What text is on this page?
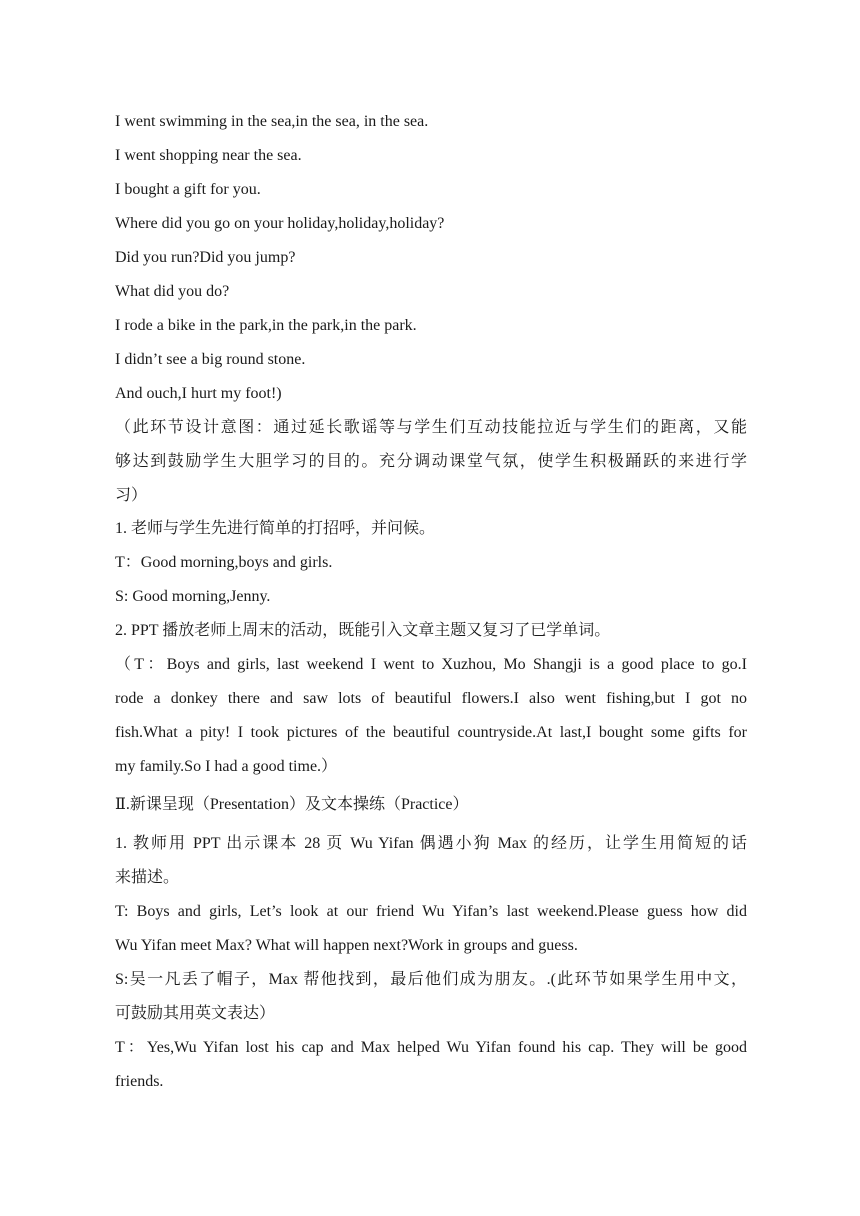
I went swimming in the sea,in the sea, in the sea.
I went shopping near the sea.
I bought a gift for you.
Where did you go on your holiday,holiday,holiday?
Did you run?Did you jump?
What did you do?
I rode a bike in the park,in the park,in the park.
I didn’t see a big round stone.
And ouch,I hurt my foot!)
（此环节设计意图：通过延长歌谣等与学生们互动技能拉近与学生们的距离，又能
够达到鼓励学生大胆学习的目的。充分调动课堂气氛，使学生积极踊跃的来进行学
习）
1. 老师与学生先进行简单的打招呼，并问候。
T：Good morning,boys and girls.
S: Good morning,Jenny.
2. PPT 播放老师上周末的活动，既能引入文章主题又复习了已学单词。
（T：Boys and girls, last weekend I went to Xuzhou, Mo Shangji is a good place to go.I
rode a donkey there and saw lots of beautiful flowers.I also went fishing,but I got no
fish.What a pity! I took pictures of the beautiful countryside.At last,I bought some gifts for
my family.So I had a good time.）
Ⅱ.新课呈现（Presentation）及文本操练（Practice）
1. 教师用 PPT 出示课本 28 页 Wu Yifan 偶遇小狗 Max 的经历，让学生用简短的话
来描述。
T: Boys and girls, Let’s look at our friend Wu Yifan’s last weekend.Please guess how did
Wu Yifan meet Max? What will happen next?Work in groups and guess.
S:吴一凡丢了帽子，Max 帮他找到，最后他们成为朋友。.(此环节如果学生用中文，
可鼓励其用英文表达）
T：Yes,Wu Yifan lost his cap and Max helped Wu Yifan found his cap. They will be good
friends.
